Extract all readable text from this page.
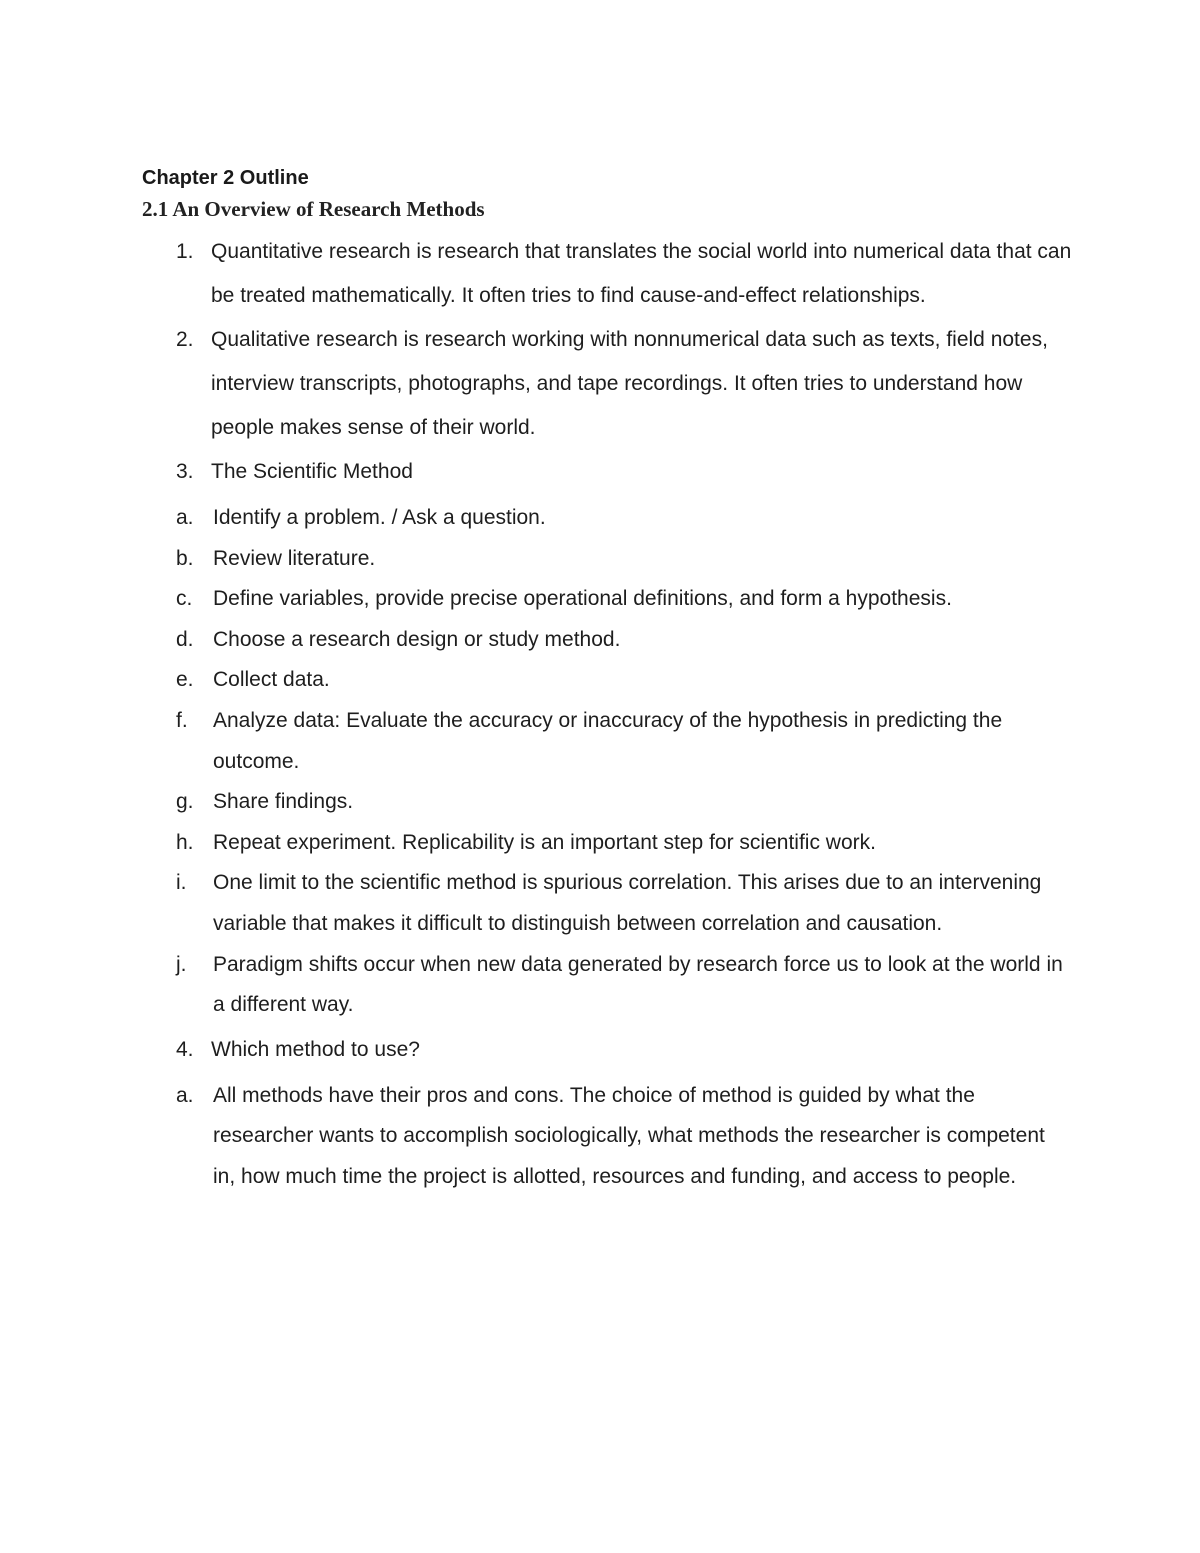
Chapter 2 Outline
2.1 An Overview of Research Methods
1. Quantitative research is research that translates the social world into numerical data that can be treated mathematically. It often tries to find cause-and-effect relationships.
2. Qualitative research is research working with nonnumerical data such as texts, field notes, interview transcripts, photographs, and tape recordings. It often tries to understand how people makes sense of their world.
3. The Scientific Method
a. Identify a problem. / Ask a question.
b. Review literature.
c. Define variables, provide precise operational definitions, and form a hypothesis.
d. Choose a research design or study method.
e. Collect data.
f. Analyze data: Evaluate the accuracy or inaccuracy of the hypothesis in predicting the outcome.
g. Share findings.
h. Repeat experiment. Replicability is an important step for scientific work.
i. One limit to the scientific method is spurious correlation. This arises due to an intervening variable that makes it difficult to distinguish between correlation and causation.
j. Paradigm shifts occur when new data generated by research force us to look at the world in a different way.
4. Which method to use?
a. All methods have their pros and cons. The choice of method is guided by what the researcher wants to accomplish sociologically, what methods the researcher is competent in, how much time the project is allotted, resources and funding, and access to people.
